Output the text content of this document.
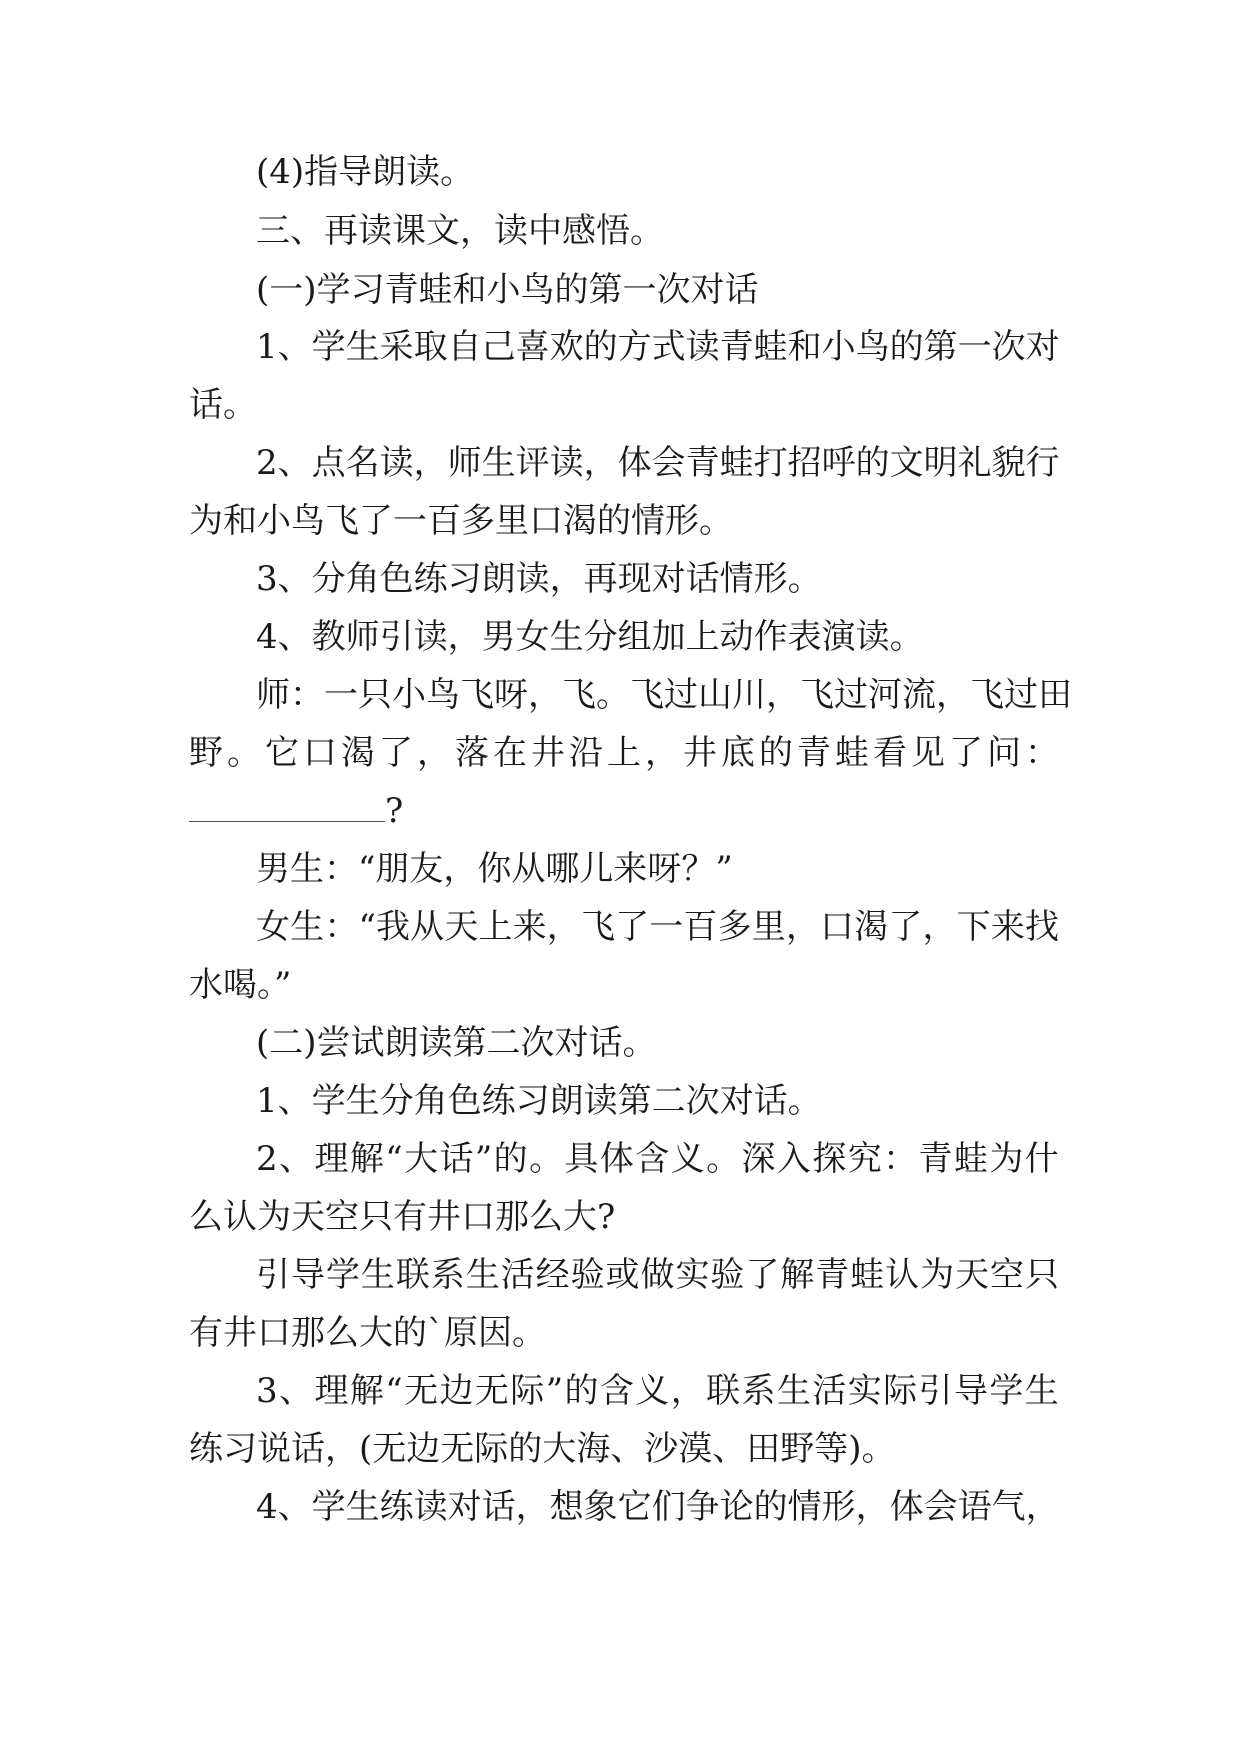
(4)指导朗读。
三、再读课文，读中感悟。
(一)学习青蛙和小鸟的第一次对话
1 、 学 生 采 取 自 己 喜 欢 的 方 式 读 青 蛙 和 小 鸟 的 第 一 次 对
话。
2 、 点 名 读 ， 师 生 评 读 ， 体 会 青 蛙 打 招 呼 的 文 明 礼 貌 行
为和小鸟飞了一百多里口渴的情形。
3、分角色练习朗读，再现对话情形。
4、教师引读，男女生分组加上动作表演读。
师 ： 一 只 小 鸟 飞 呀 ， 飞 。 飞 过 山 川 ， 飞 过 河 流 ， 飞 过 田
野 。 它 口 渴 了 ， 落 在 井 沿 上 ， 井 底 的 青 蛙 看 见 了 问 ：
?
男生：“朋友，你从哪儿来呀？”
女 生 ： “ 我 从 天 上 来 ， 飞 了 一 百 多 里 ， 口 渴 了 ， 下 来 找
水喝。”
(二)尝试朗读第二次对话。
1、学生分角色练习朗读第二次对话。
2 、 理 解 “ 大 话 ” 的 。 具 体 含 义 。 深 入 探 究 ： 青 蛙 为 什
么认为天空只有井口那么大?
引 导 学 生 联 系 生 活 经 验 或 做 实 验 了 解 青 蛙 认 为 天 空 只
有井口那么大的`原因。
3 、 理 解 “ 无 边 无 际 ” 的 含 义 ， 联 系 生 活 实 际 引 导 学 生
练习说话，(无边无际的大海、沙漠、田野等)。
4 、 学 生 练 读 对 话 ， 想 象 它 们 争 论 的 情 形 ， 体 会 语 气 ，
